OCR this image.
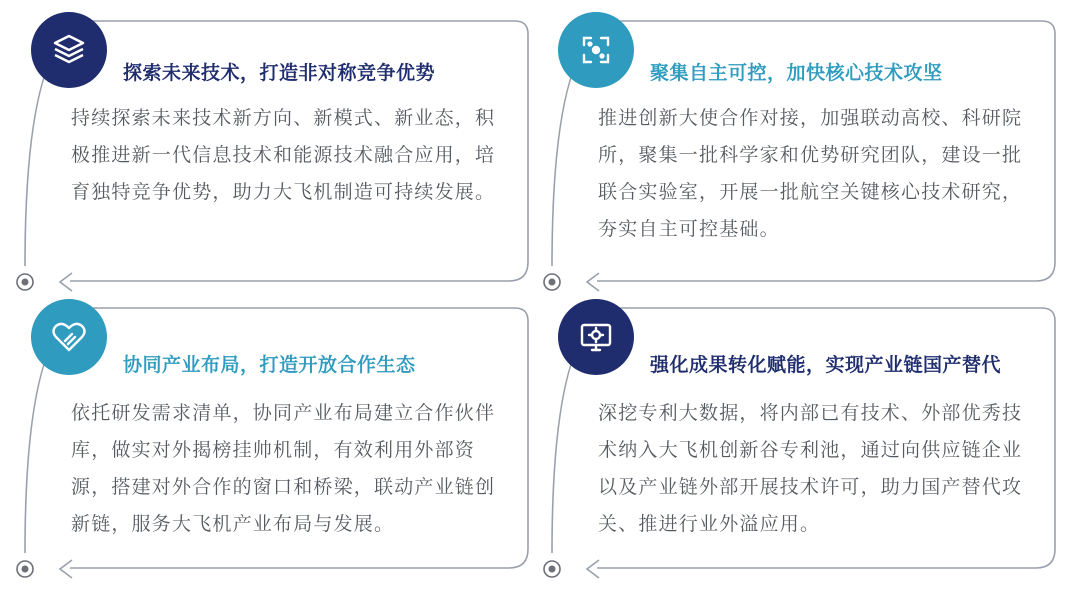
探索未来技术，打造非对称竞争优势
持续探索未来技术新方向、新模式、新业态，积极推进新一代信息技术和能源技术融合应用，培育独特竞争优势，助力大飞机制造可持续发展。
聚集自主可控，加快核心技术攻坚
推进创新大使合作对接，加强联动高校、科研院所，聚集一批科学家和优势研究团队，建设一批联合实验室，开展一批航空关键核心技术研究，夯实自主可控基础。
协同产业布局，打造开放合作生态
依托研发需求清单，协同产业布局建立合作伙伴库，做实对外揭榜挂帅机制，有效利用外部资源，搭建对外合作的窗口和桥梁，联动产业链创新链，服务大飞机产业布局与发展。
强化成果转化赋能，实现产业链国产替代
深挖专利大数据，将内部已有技术、外部优秀技术纳入大飞机创新谷专利池，通过向供应链企业以及产业链外部开展技术许可，助力国产替代攻关、推进行业外溢应用。
